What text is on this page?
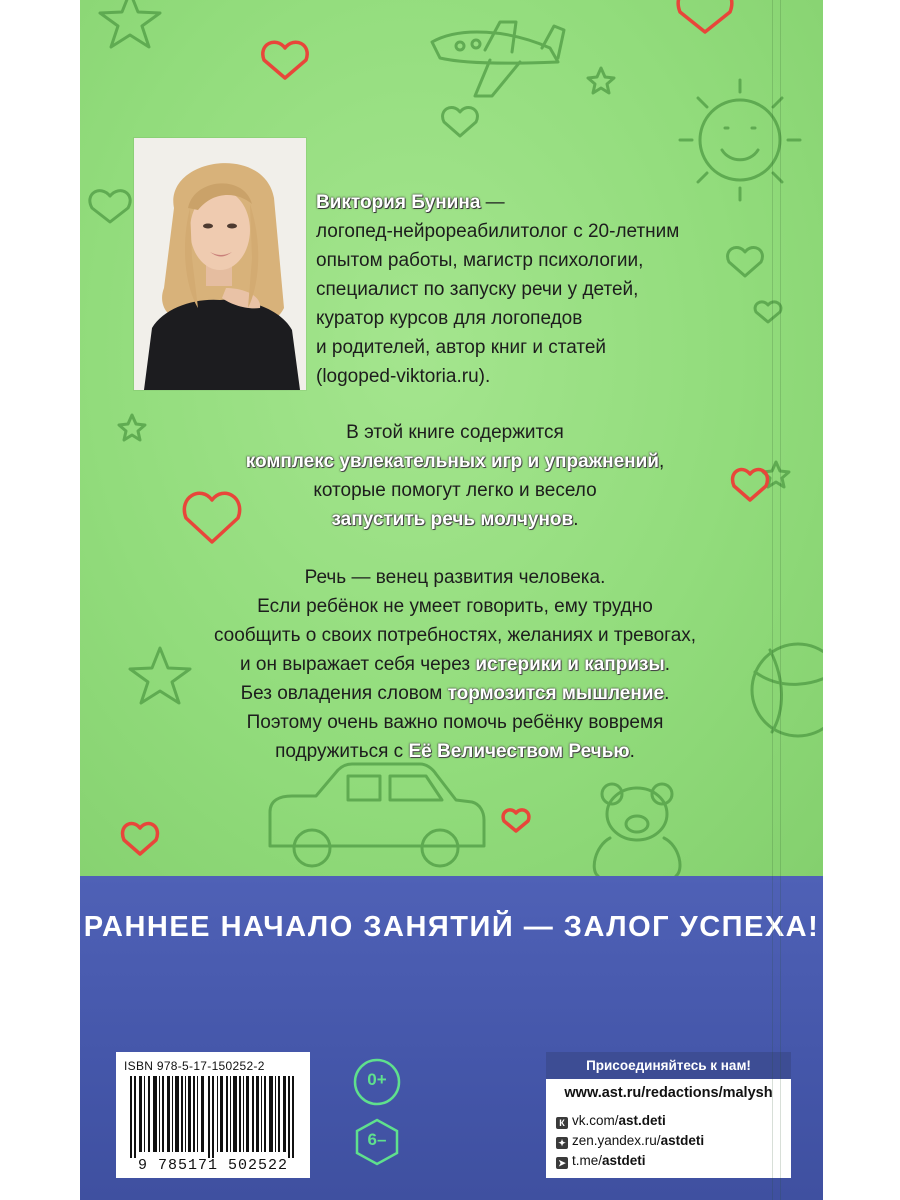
Виктория Бунина —
логопед-нейрореабилитолог с 20-летним
опытом работы, магистр психологии,
специалист по запуску речи у детей,
куратор курсов для логопедов
и родителей, автор книг и статей
(logoped-viktoria.ru).
В этой книге содержится
комплекс увлекательных игр и упражнений,
которые помогут легко и весело
запустить речь молчунов.
Речь — венец развития человека.
Если ребёнок не умеет говорить, ему трудно
сообщить о своих потребностях, желаниях и тревогах,
и он выражает себя через истерики и капризы.
Без овладения словом тормозится мышление.
Поэтому очень важно помочь ребёнку вовремя
подружиться с Её Величеством Речью.
РАННЕЕ НАЧАЛО ЗАНЯТИЙ — ЗАЛОГ УСПЕХА!
ISBN 978-5-17-150252-2
9 785171 502522
0+
6–
Присоединяйтесь к нам!
www.ast.ru/redactions/malysh
К vk.com/ast.deti
✦ zen.yandex.ru/astdeti
➤ t.me/astdeti
